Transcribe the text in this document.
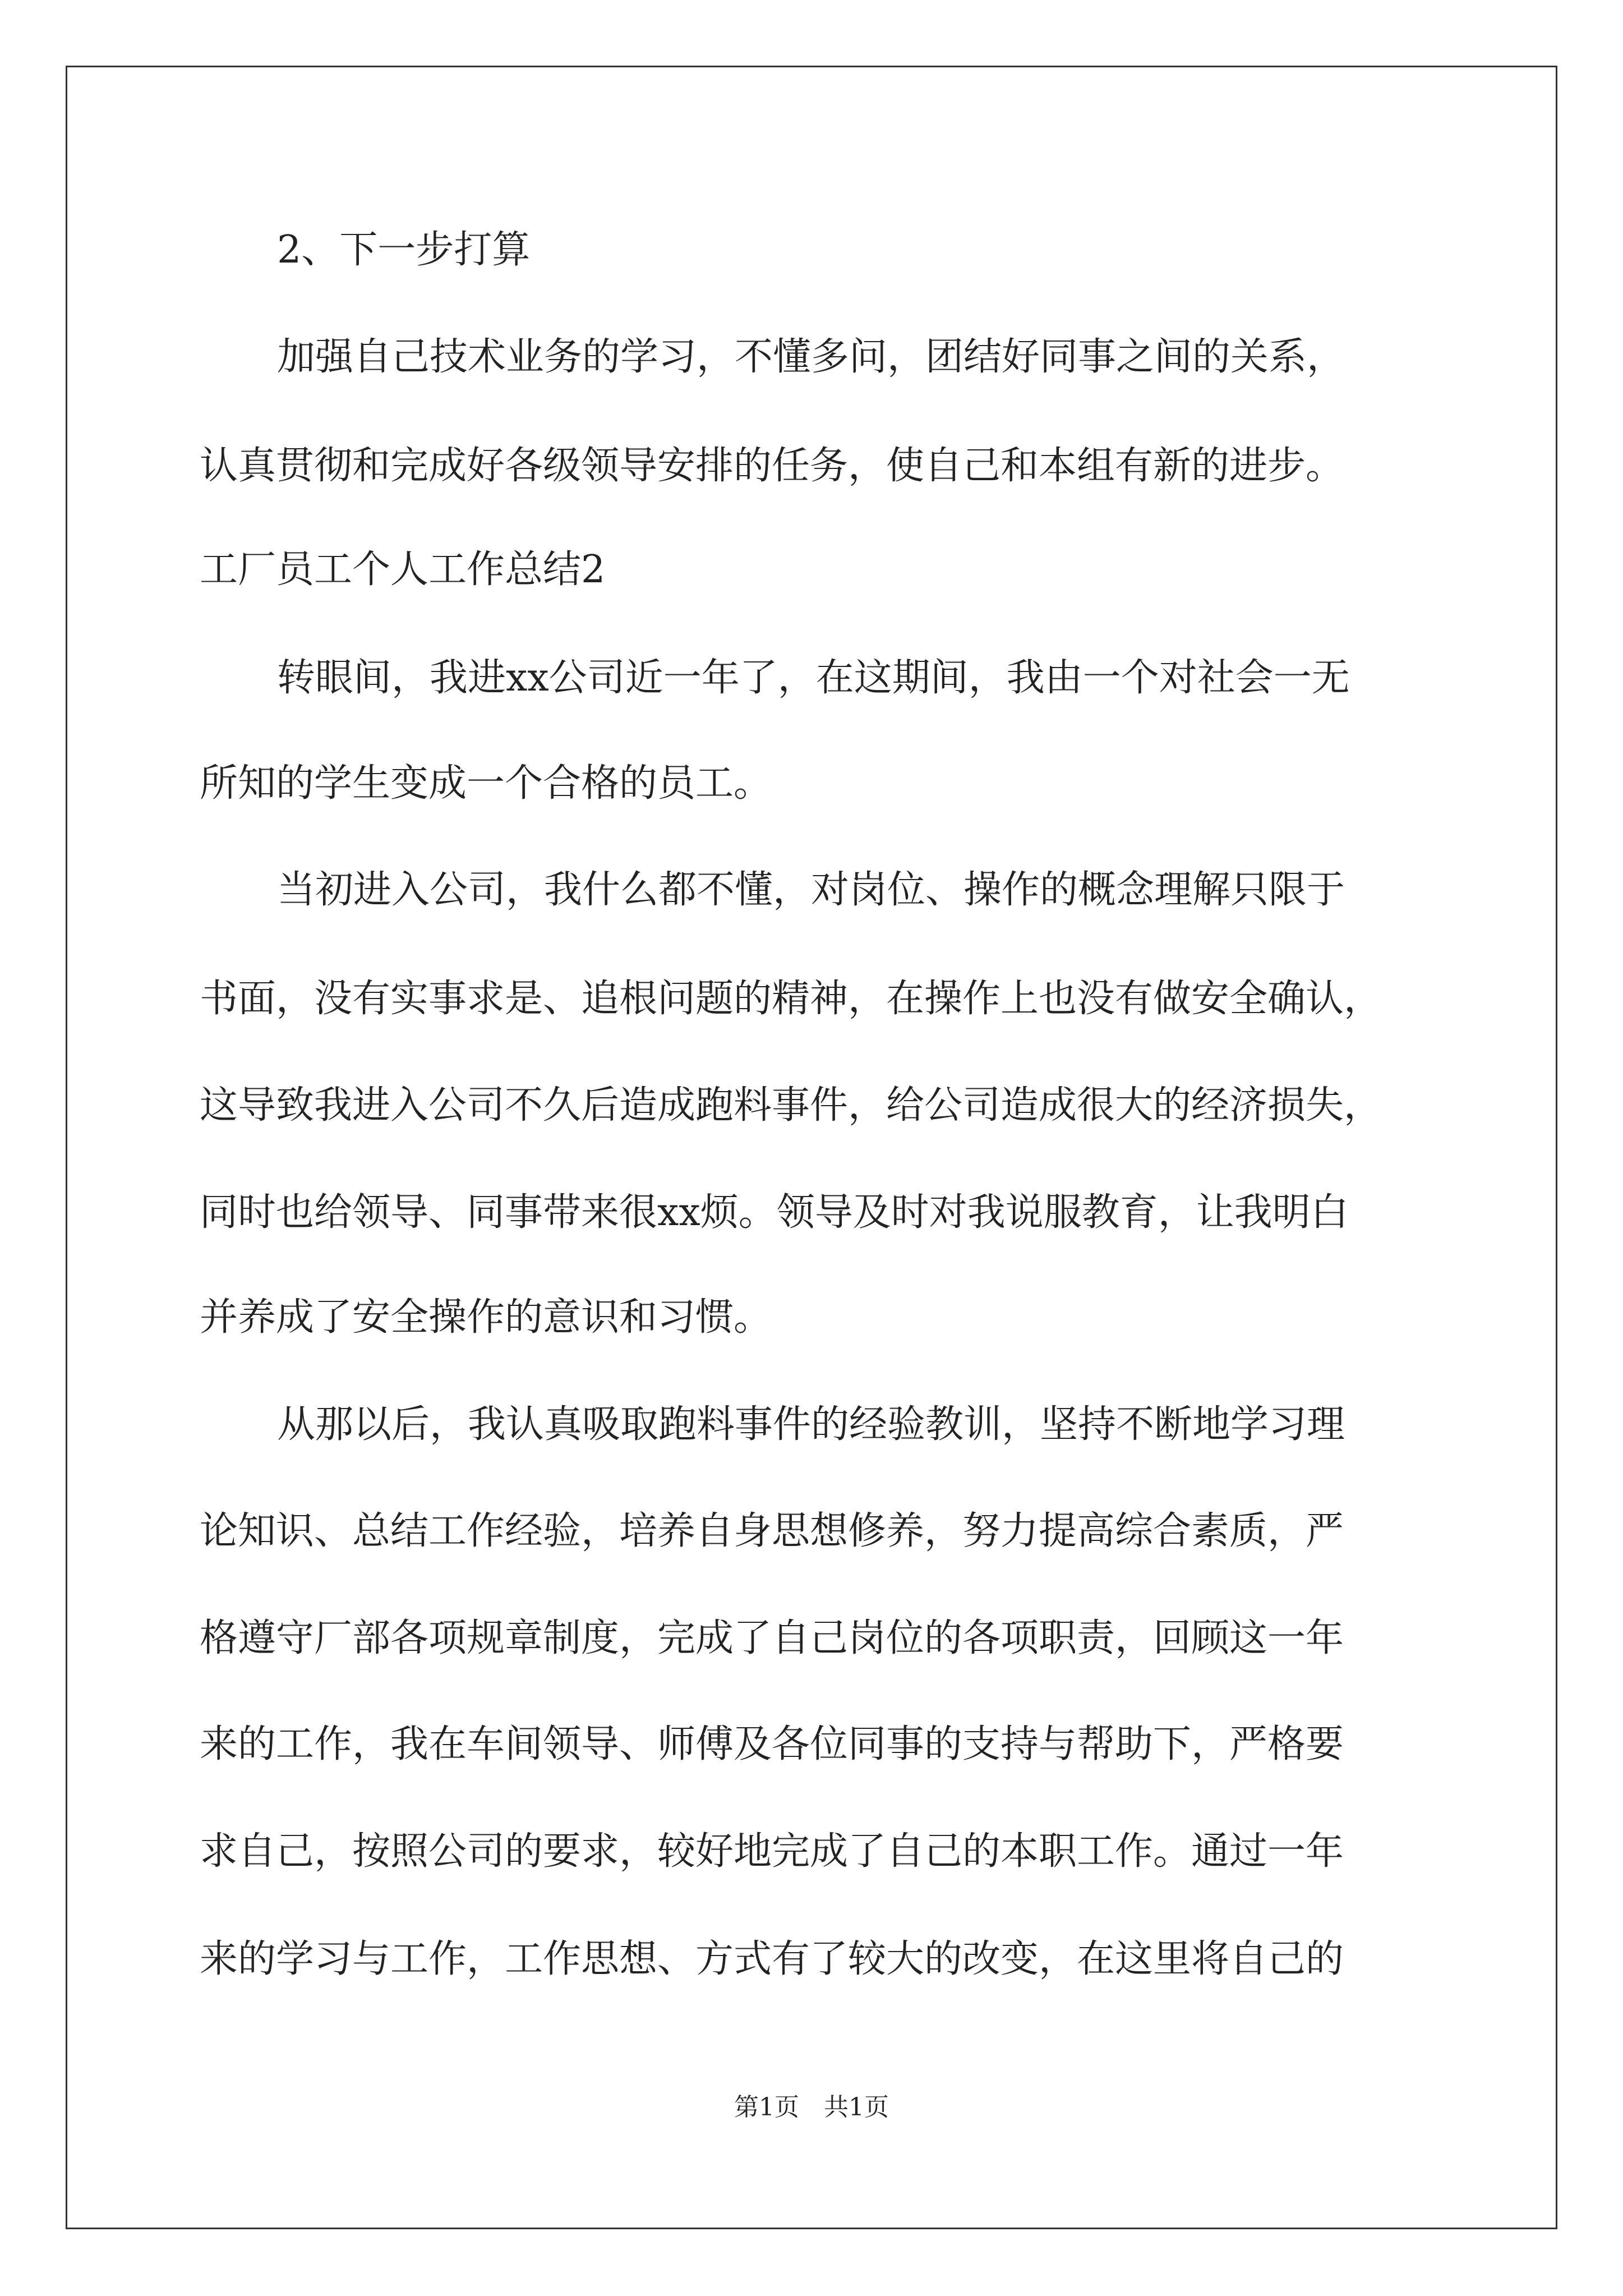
2、下一步打算

加强自己技术业务的学习，不懂多问，团结好同事之间的关系，

认真贯彻和完成好各级领导安排的任务，使自己和本组有新的进步。

工厂员工个人工作总结2

转眼间，我进xx公司近一年了，在这期间，我由一个对社会一无

所知的学生变成一个合格的员工。

当初进入公司，我什么都不懂，对岗位、操作的概念理解只限于

书面，没有实事求是、追根问题的精神，在操作上也没有做安全确认，

这导致我进入公司不久后造成跑料事件，给公司造成很大的经济损失，

同时也给领导、同事带来很xx烦。领导及时对我说服教育，让我明白

并养成了安全操作的意识和习惯。

从那以后，我认真吸取跑料事件的经验教训，坚持不断地学习理

论知识、总结工作经验，培养自身思想修养，努力提高综合素质，严

格遵守厂部各项规章制度，完成了自己岗位的各项职责，回顾这一年

来的工作，我在车间领导、师傅及各位同事的支持与帮助下，严格要

求自己，按照公司的要求，较好地完成了自己的本职工作。通过一年

来的学习与工作，工作思想、方式有了较大的改变，在这里将自己的

第1页　共1页
